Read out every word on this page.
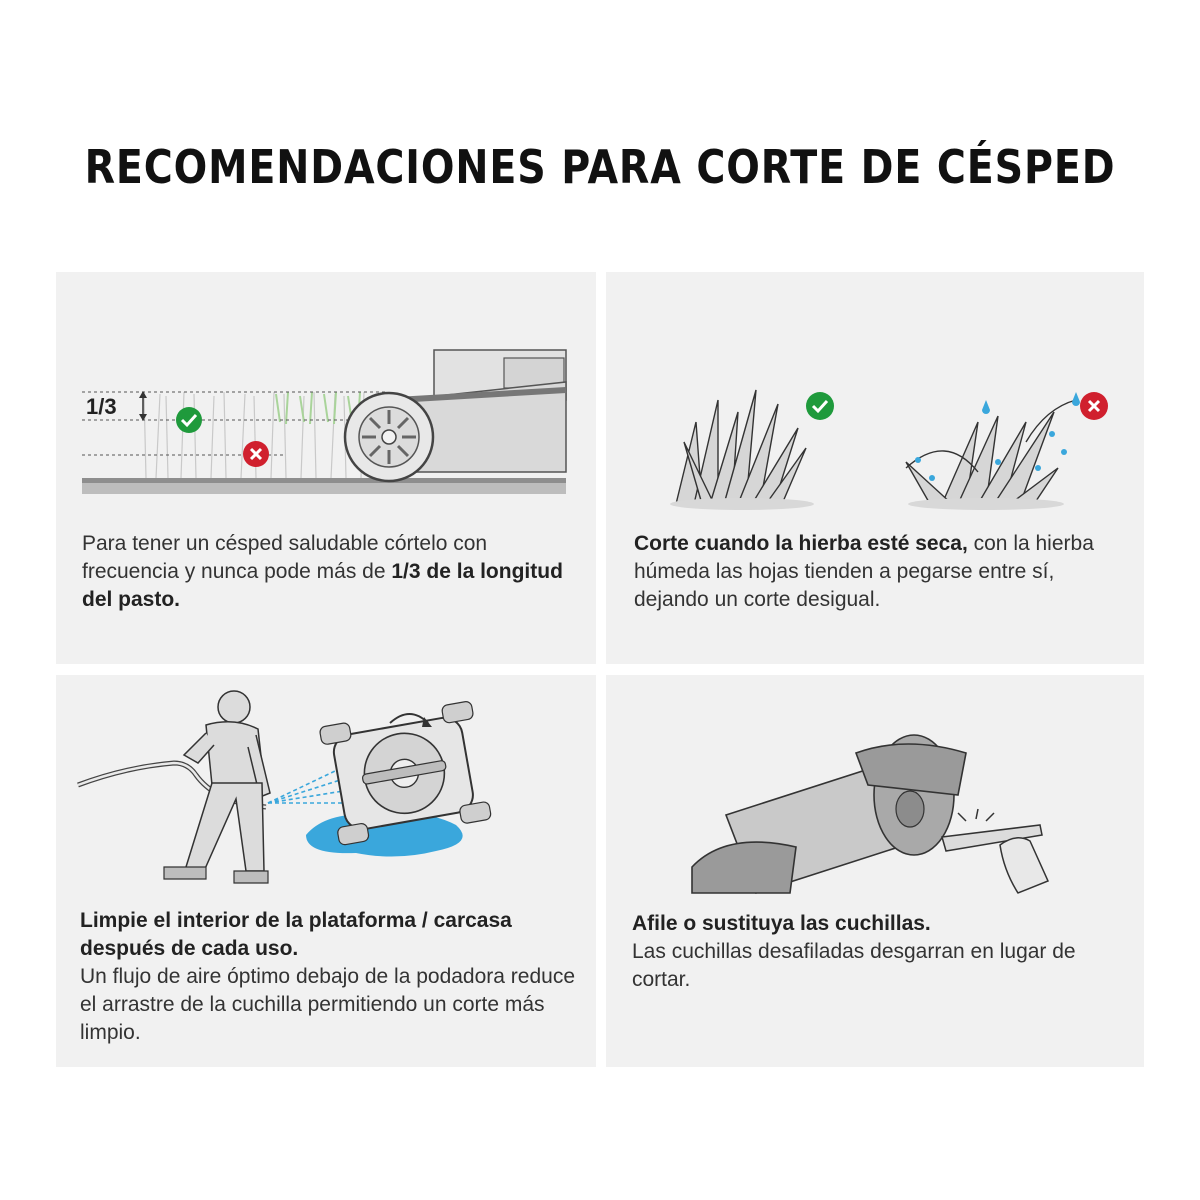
RECOMENDACIONES PARA CORTE DE CÉSPED
1/3
Para tener un césped saludable córtelo con frecuencia y nunca pode más de 1/3 de la longitud del pasto.
Corte cuando la hierba esté seca, con la hierba húmeda las hojas tienden a pegarse entre sí, dejando un corte desigual.
Limpie el interior de la plataforma / carcasa después de cada uso.
Un flujo de aire óptimo debajo de la podadora reduce el arrastre de la cuchilla permitiendo un corte más limpio.
Afile o sustituya las cuchillas.
Las cuchillas desafiladas desgarran en lugar de cortar.
